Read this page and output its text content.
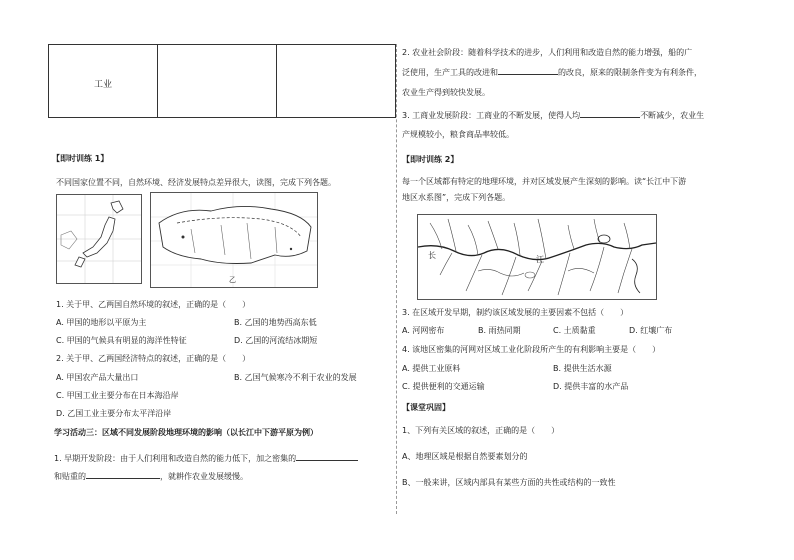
工业		
【即时训练 1】
不同国家位置不同，自然环境、经济发展特点差异很大，读图，完成下列各题。
乙
1. 关于甲、乙两国自然环境的叙述，正确的是（　　）
A. 甲国的地形以平原为主	B. 乙国的地势西高东低
C. 甲国的气候具有明显的海洋性特征	D. 乙国的河流结冰期短
2. 关于甲、乙两国经济特点的叙述，正确的是（　　）
A. 甲国农产品大量出口	B. 乙国气候寒冷不利于农业的发展
C. 甲国工业主要分布在日本海沿岸
D. 乙国工业主要分布太平洋沿岸
学习活动三：区域不同发展阶段地理环境的影响（以长江中下游平原为例）
1. 早期开发阶段：由于人们利用和改造自然的能力低下，加之密集的
和贴重的	，就耕作农业发展缓慢。
2. 农业社会阶段：随着科学技术的进步，人们利用和改造自然的能力增强，船的广
泛使用，生产工具的改进和	的改良，原来的限制条件变为有利条件，
农业生产得到较快发展。
3. 工商业发展阶段：工商业的不断发展，使得人均	不断减少，农业生
产规模较小，粮食商品率较低。
【即时训练 2】
每一个区域都有特定的地理环境，并对区域发展产生深刻的影响。读“长江中下游
地区水系图”，完成下列各题。
长	江
3. 在区域开发早期，制约该区域发展的主要因素不包括（　　）
A. 河网密布	B. 雨热同期	C. 土质黏重	D. 红壤广布
4. 该地区密集的河网对区域工业化阶段所产生的有利影响主要是（　　）
A. 提供工业原料	B. 提供生活水源
C. 提供便利的交通运输	D. 提供丰富的水产品
【课堂巩固】
1、下列有关区域的叙述，正确的是（　　）
A、地理区域是根据自然要素划分的
B、一般来讲，区域内部具有某些方面的共性或结构的一致性
